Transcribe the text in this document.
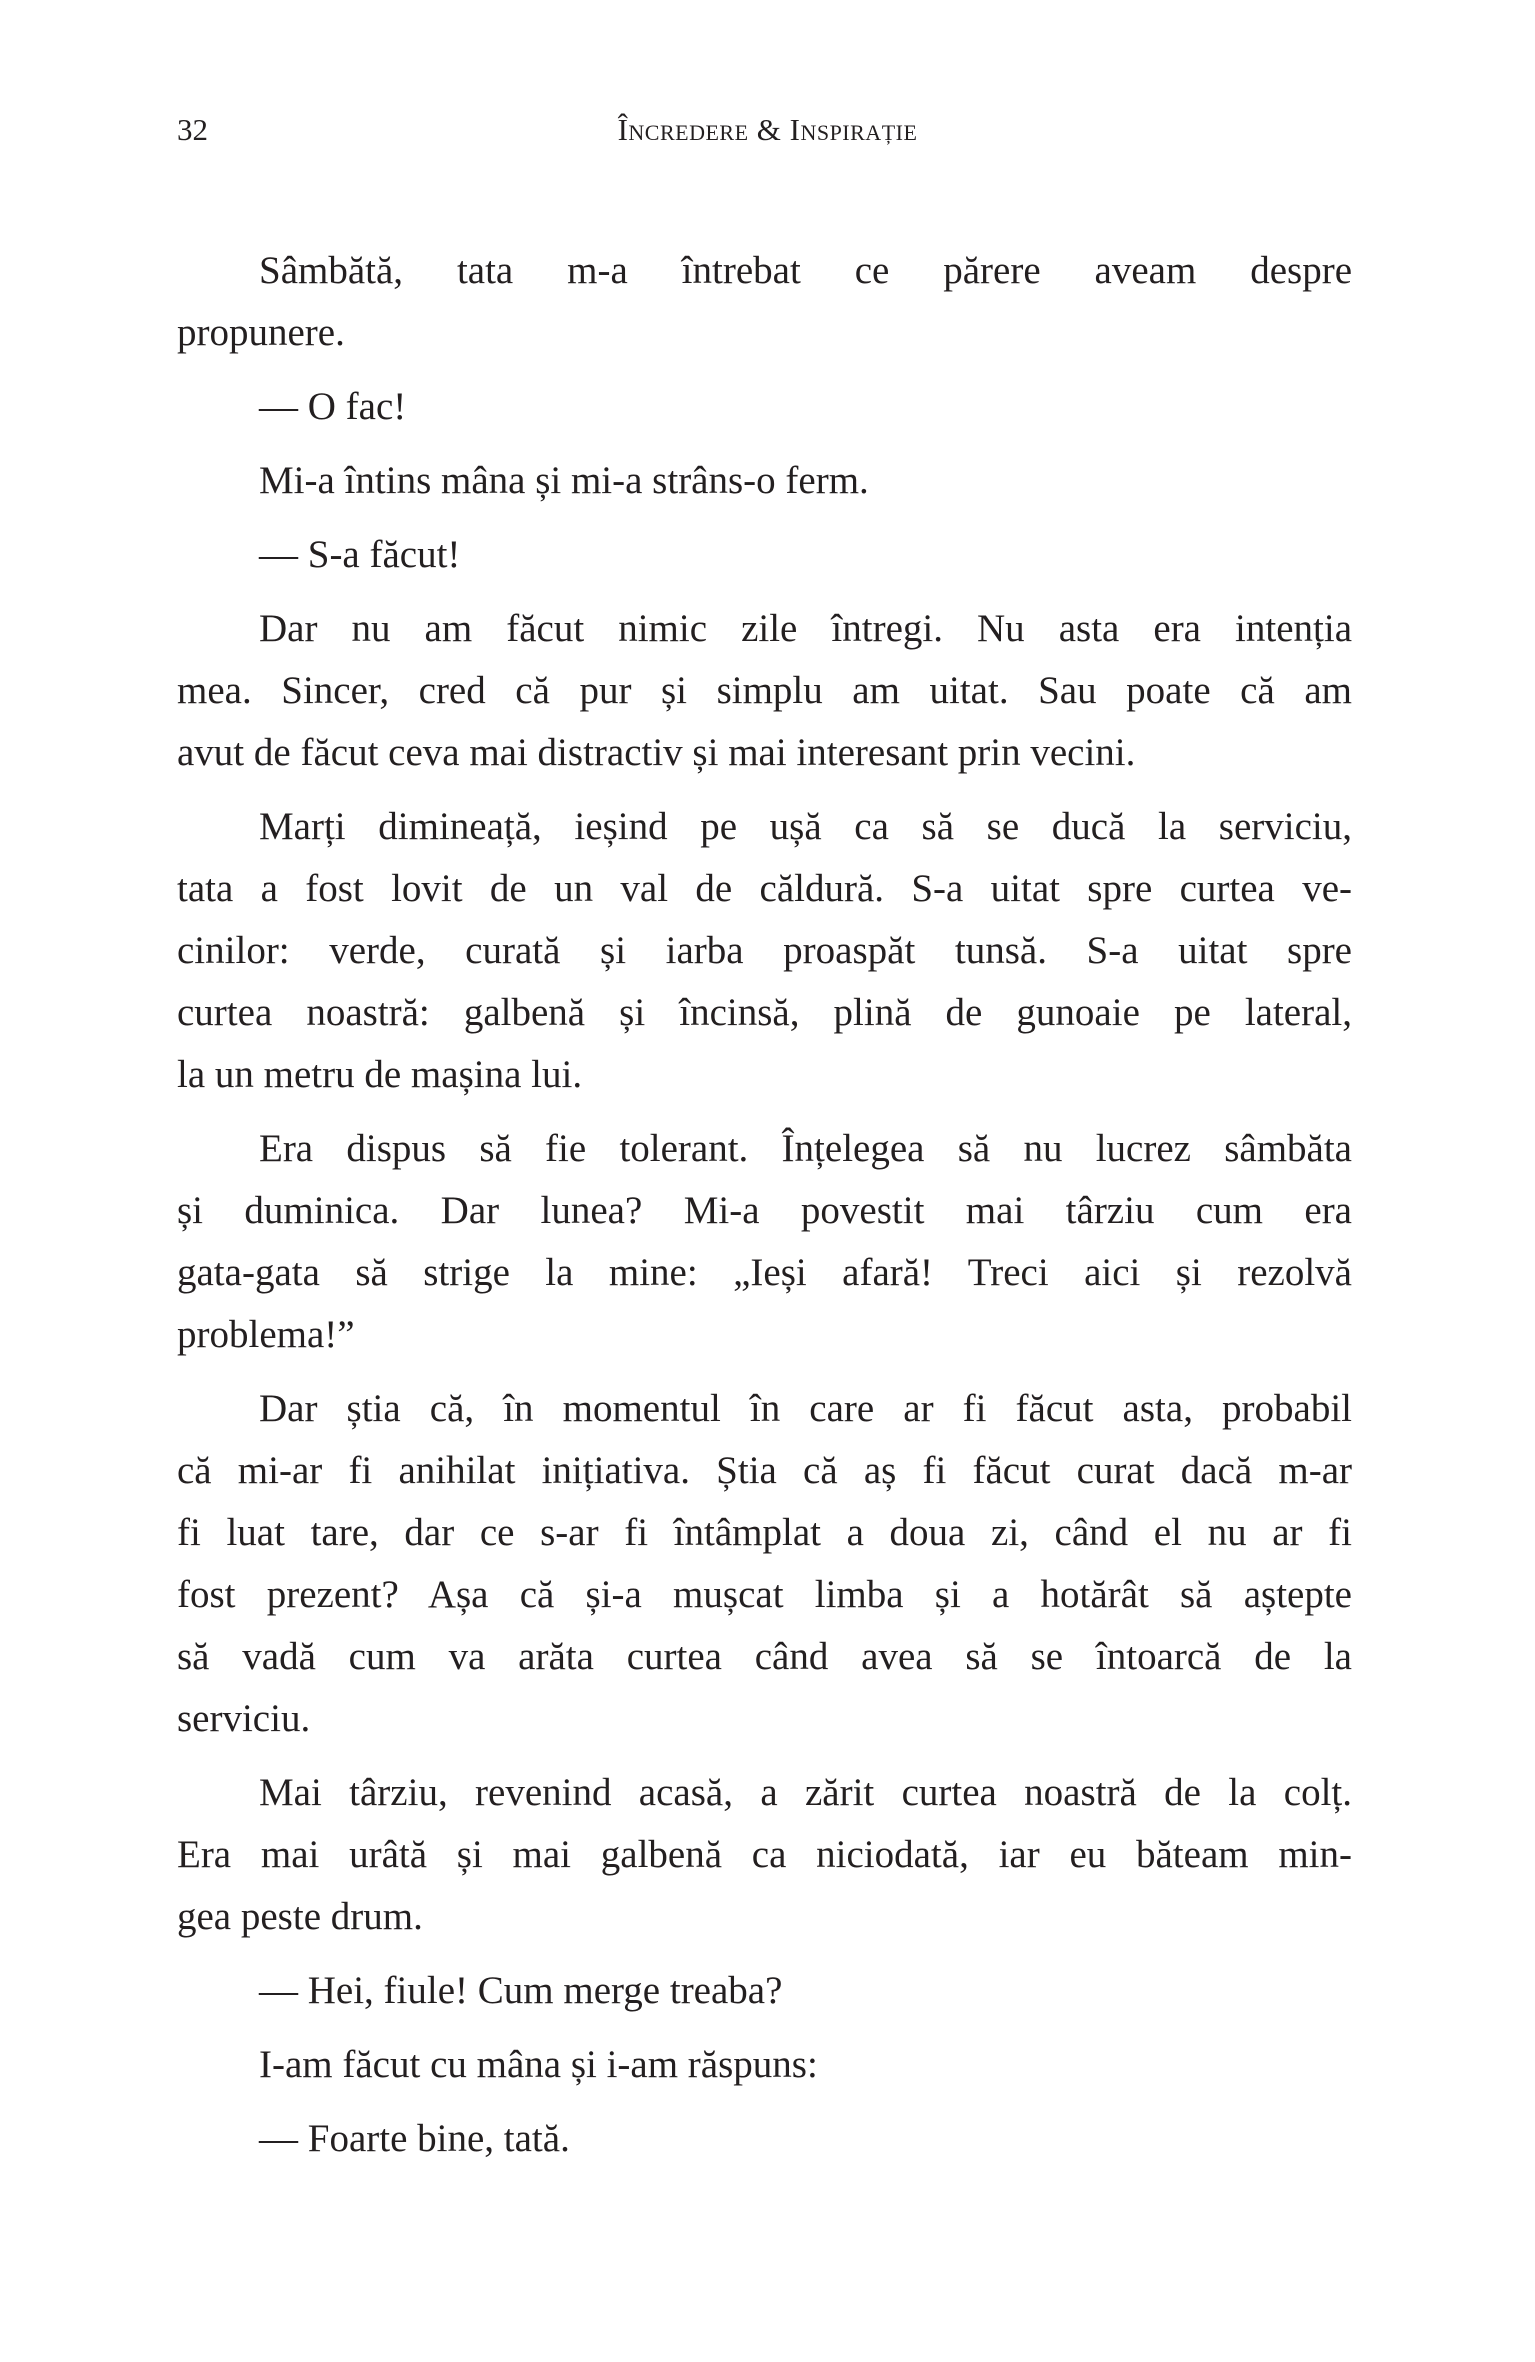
32	Încredere & Inspirație
Sâmbătă, tata m-a întrebat ce părere aveam despre
propunere.
— O fac!
Mi-a întins mâna și mi-a strâns-o ferm.
— S-a făcut!
Dar nu am făcut nimic zile întregi. Nu asta era intenția
mea. Sincer, cred că pur și simplu am uitat. Sau poate că am
avut de făcut ceva mai distractiv și mai interesant prin vecini.
Marți dimineață, ieșind pe ușă ca să se ducă la serviciu,
tata a fost lovit de un val de căldură. S-a uitat spre curtea ve-
cinilor: verde, curată și iarba proaspăt tunsă. S-a uitat spre
curtea noastră: galbenă și încinsă, plină de gunoaie pe lateral,
la un metru de mașina lui.
Era dispus să fie tolerant. Înțelegea să nu lucrez sâmbăta
și duminica. Dar lunea? Mi-a povestit mai târziu cum era
gata-gata să strige la mine: „Ieși afară! Treci aici și rezolvă
problema!”
Dar știa că, în momentul în care ar fi făcut asta, probabil
că mi-ar fi anihilat inițiativa. Știa că aș fi făcut curat dacă m-ar
fi luat tare, dar ce s-ar fi întâmplat a doua zi, când el nu ar fi
fost prezent? Așa că și-a mușcat limba și a hotărât să aștepte
să vadă cum va arăta curtea când avea să se întoarcă de la
serviciu.
Mai târziu, revenind acasă, a zărit curtea noastră de la colț.
Era mai urâtă și mai galbenă ca niciodată, iar eu băteam min-
gea peste drum.
— Hei, fiule! Cum merge treaba?
I-am făcut cu mâna și i-am răspuns:
— Foarte bine, tată.
